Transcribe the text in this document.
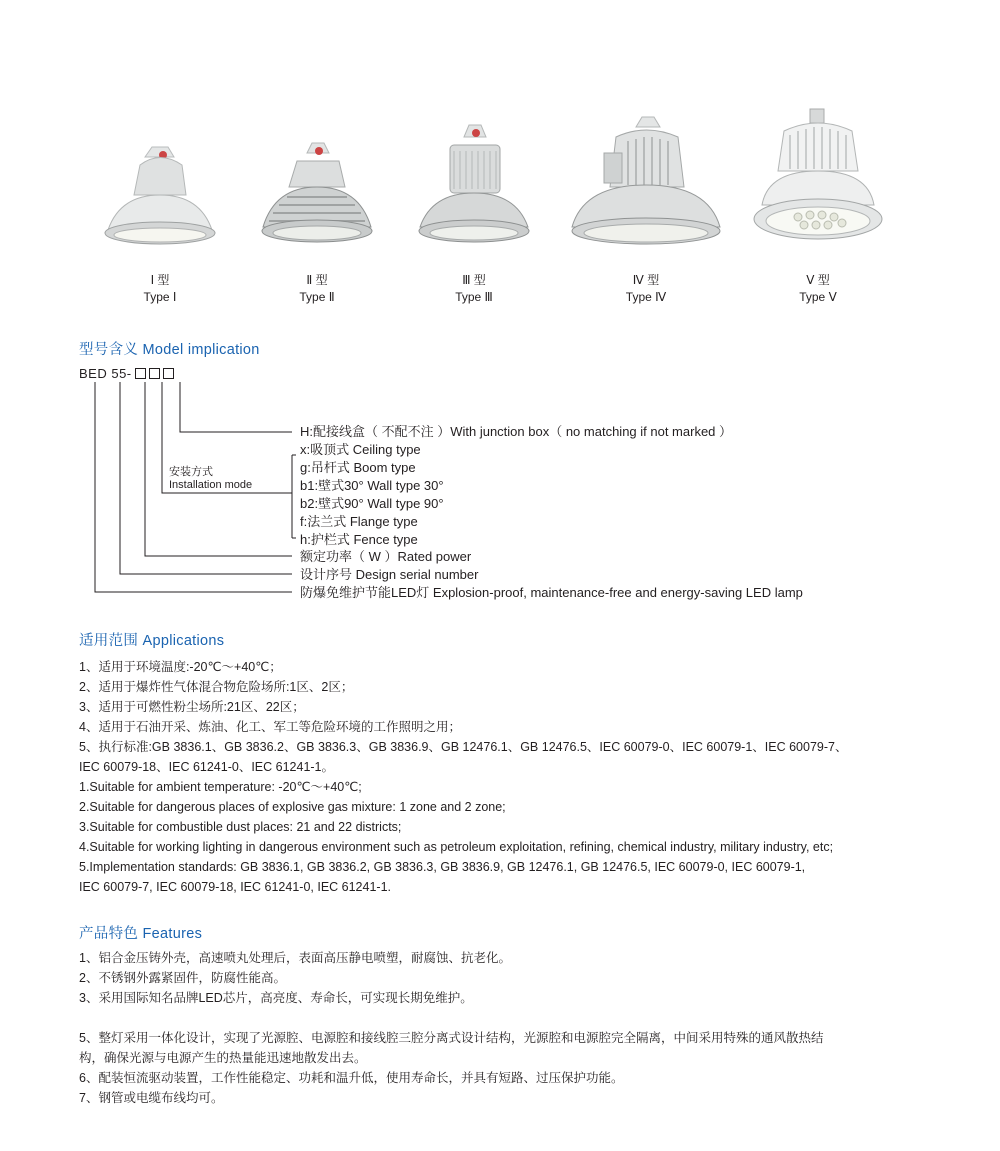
Ⅰ 型
Type Ⅰ
Ⅱ 型
Type Ⅱ
Ⅲ 型
Type Ⅲ
Ⅳ 型
Type Ⅳ
Ⅴ 型
Type Ⅴ
型号含义 Model implication
BED 55-
安装方式
Installation mode
H:配接线盒（ 不配不注 ）With junction box（ no matching if not marked ）
x:吸顶式 Ceiling type
g:吊杆式 Boom type
b1:壁式30° Wall type 30°
b2:壁式90° Wall type 90°
f:法兰式 Flange type
h:护栏式 Fence type
额定功率（ W ）Rated power
设计序号 Design serial number
防爆免维护节能LED灯 Explosion-proof, maintenance-free and energy-saving LED lamp
适用范围 Applications
1、适用于环境温度:-20℃～+40℃；
2、适用于爆炸性气体混合物危险场所:1区、2区；
3、适用于可燃性粉尘场所:21区、22区；
4、适用于石油开采、炼油、化工、军工等危险环境的工作照明之用；
5、执行标准:GB 3836.1、GB 3836.2、GB 3836.3、GB 3836.9、GB 12476.1、GB 12476.5、IEC 60079-0、IEC 60079-1、IEC 60079-7、
IEC 60079-18、IEC 61241-0、IEC 61241-1。
1.Suitable for ambient temperature: -20℃～+40℃;
2.Suitable for dangerous places of explosive gas mixture: 1 zone and 2 zone;
3.Suitable for combustible dust places: 21 and 22 districts;
4.Suitable for working lighting in dangerous environment such as petroleum exploitation, refining, chemical industry, military industry, etc;
5.Implementation standards: GB 3836.1, GB 3836.2, GB 3836.3, GB 3836.9, GB 12476.1, GB 12476.5, IEC 60079-0, IEC 60079-1,
IEC 60079-7, IEC 60079-18, IEC 61241-0, IEC 61241-1.
产品特色 Features
1、铝合金压铸外壳，高速喷丸处理后，表面高压静电喷塑，耐腐蚀、抗老化。
2、不锈钢外露紧固件，防腐性能高。
3、采用国际知名品牌LED芯片，高亮度、寿命长，可实现长期免维护。
5、整灯采用一体化设计，实现了光源腔、电源腔和接线腔三腔分离式设计结构，光源腔和电源腔完全隔离，中间采用特殊的通风散热结
构，确保光源与电源产生的热量能迅速地散发出去。
6、配装恒流驱动装置，工作性能稳定、功耗和温升低，使用寿命长，并具有短路、过压保护功能。
7、钢管或电缆布线均可。
